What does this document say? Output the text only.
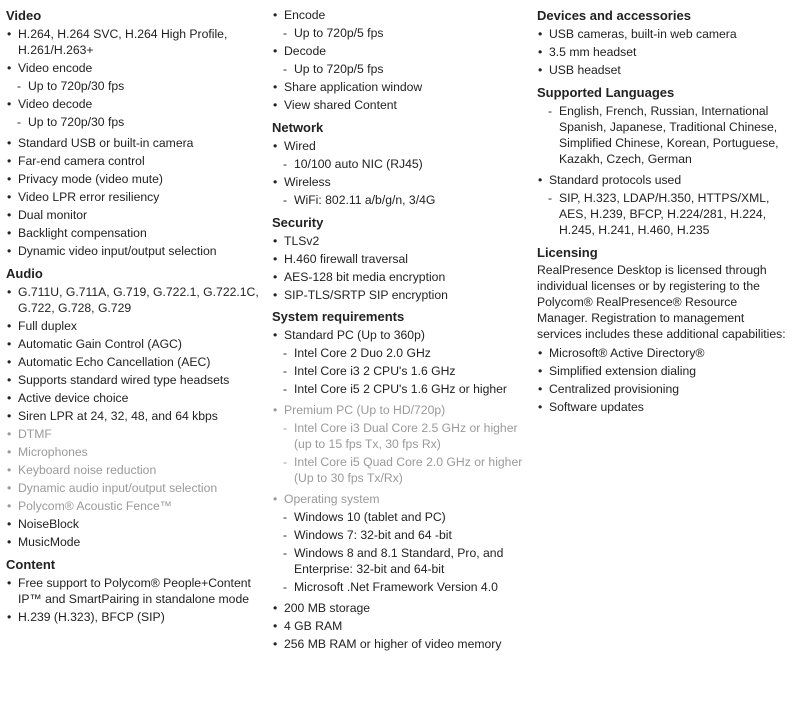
Video
• H.264, H.264 SVC, H.264 High Profile, H.261/H.263+
• Video encode
- Up to 720p/30 fps
• Video decode
- Up to 720p/30 fps
• Standard USB or built-in camera
• Far-end camera control
• Privacy mode (video mute)
• Video LPR error resiliency
• Dual monitor
• Backlight compensation
• Dynamic video input/output selection
Audio
• G.711U, G.711A, G.719, G.722.1, G.722.1C, G.722, G.728, G.729
• Full duplex
• Automatic Gain Control (AGC)
• Automatic Echo Cancellation (AEC)
• Supports standard wired type headsets
• Active device choice
• Siren LPR at 24, 32, 48, and 64 kbps
• DTMF
• Microphones
• Keyboard noise reduction
• Dynamic audio input/output selection
• Polycom® Acoustic Fence™
• NoiseBlock
• MusicMode
Content
• Free support to Polycom® People+Content IP™ and SmartPairing in standalone mode
• H.239 (H.323), BFCP (SIP)
• Encode
- Up to 720p/5 fps
• Decode
- Up to 720p/5 fps
• Share application window
• View shared Content
Network
• Wired
- 10/100 auto NIC (RJ45)
• Wireless
- WiFi: 802.11 a/b/g/n, 3/4G
Security
• TLSv2
• H.460 firewall traversal
• AES-128 bit media encryption
• SIP-TLS/SRTP SIP encryption
System requirements
• Standard PC (Up to 360p)
- Intel Core 2 Duo 2.0 GHz
- Intel Core i3 2 CPU's 1.6 GHz
- Intel Core i5 2 CPU's 1.6 GHz or higher
• Premium PC (Up to HD/720p)
- Intel Core i3 Dual Core 2.5 GHz or higher (up to 15 fps Tx, 30 fps Rx)
- Intel Core i5 Quad Core 2.0 GHz or higher (Up to 30 fps Tx/Rx)
• Operating system
- Windows 10 (tablet and PC)
- Windows 7: 32-bit and 64 -bit
- Windows 8 and 8.1 Standard, Pro, and Enterprise: 32-bit and 64-bit
- Microsoft .Net Framework Version 4.0
• 200 MB storage
• 4 GB RAM
• 256 MB RAM or higher of video memory
Devices and accessories
• USB cameras, built-in web camera
• 3.5 mm headset
• USB headset
Supported Languages
- English, French, Russian, International Spanish, Japanese, Traditional Chinese, Simplified Chinese, Korean, Portuguese, Kazakh, Czech, German
• Standard protocols used
- SIP, H.323, LDAP/H.350, HTTPS/XML, AES, H.239, BFCP, H.224/281, H.224, H.245, H.241, H.460, H.235
Licensing

RealPresence Desktop is licensed through individual licenses or by registering to the Polycom® RealPresence® Resource Manager. Registration to management services includes these additional capabilities:

• Microsoft® Active Directory®
• Simplified extension dialing
• Centralized provisioning
• Software updates
